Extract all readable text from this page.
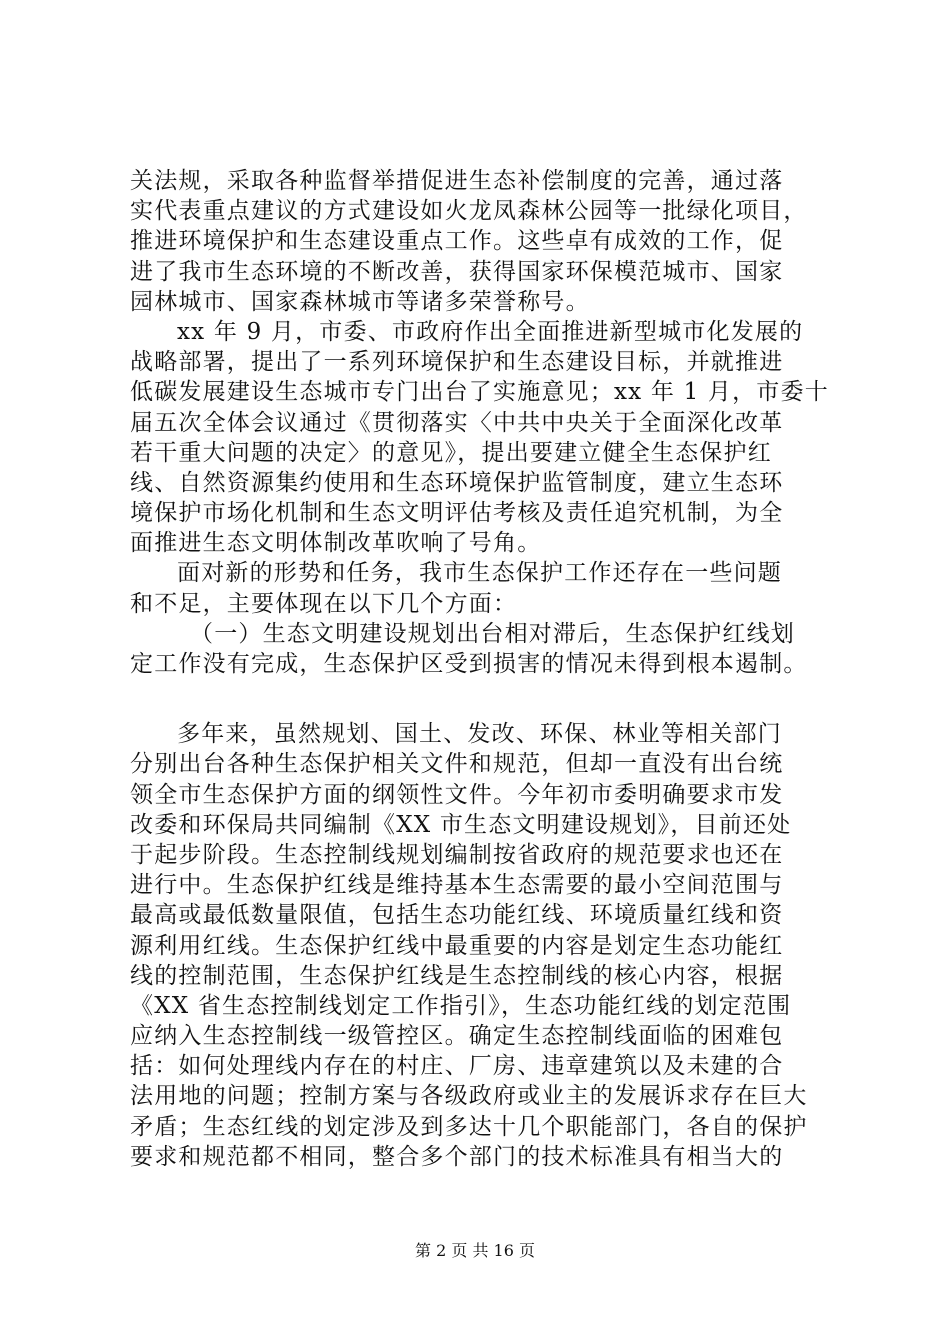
关法规，采取各种监督举措促进生态补偿制度的完善，通过落
实代表重点建议的方式建设如火龙凤森林公园等一批绿化项目，
推进环境保护和生态建设重点工作。这些卓有成效的工作，促
进了我市生态环境的不断改善，获得国家环保模范城市、国家
园林城市、国家森林城市等诸多荣誉称号。
xx 年 9 月，市委、市政府作出全面推进新型城市化发展的
战略部署，提出了一系列环境保护和生态建设目标，并就推进
低碳发展建设生态城市专门出台了实施意见；xx 年 1 月，市委十
届五次全体会议通过《贯彻落实〈中共中央关于全面深化改革
若干重大问题的决定〉的意见》，提出要建立健全生态保护红
线、自然资源集约使用和生态环境保护监管制度，建立生态环
境保护市场化机制和生态文明评估考核及责任追究机制，为全
面推进生态文明体制改革吹响了号角。
面对新的形势和任务，我市生态保护工作还存在一些问题
和不足，主要体现在以下几个方面：
（一）生态文明建设规划出台相对滞后，生态保护红线划
定工作没有完成，生态保护区受到损害的情况未得到根本遏制。
多年来，虽然规划、国土、发改、环保、林业等相关部门
分别出台各种生态保护相关文件和规范，但却一直没有出台统
领全市生态保护方面的纲领性文件。今年初市委明确要求市发
改委和环保局共同编制《XX 市生态文明建设规划》，目前还处
于起步阶段。生态控制线规划编制按省政府的规范要求也还在
进行中。生态保护红线是维持基本生态需要的最小空间范围与
最高或最低数量限值，包括生态功能红线、环境质量红线和资
源利用红线。生态保护红线中最重要的内容是划定生态功能红
线的控制范围，生态保护红线是生态控制线的核心内容，根据
《XX 省生态控制线划定工作指引》，生态功能红线的划定范围
应纳入生态控制线一级管控区。确定生态控制线面临的困难包
括：如何处理线内存在的村庄、厂房、违章建筑以及未建的合
法用地的问题；控制方案与各级政府或业主的发展诉求存在巨大
矛盾；生态红线的划定涉及到多达十几个职能部门，各自的保护
要求和规范都不相同，整合多个部门的技术标准具有相当大的
第 2 页 共 16 页
